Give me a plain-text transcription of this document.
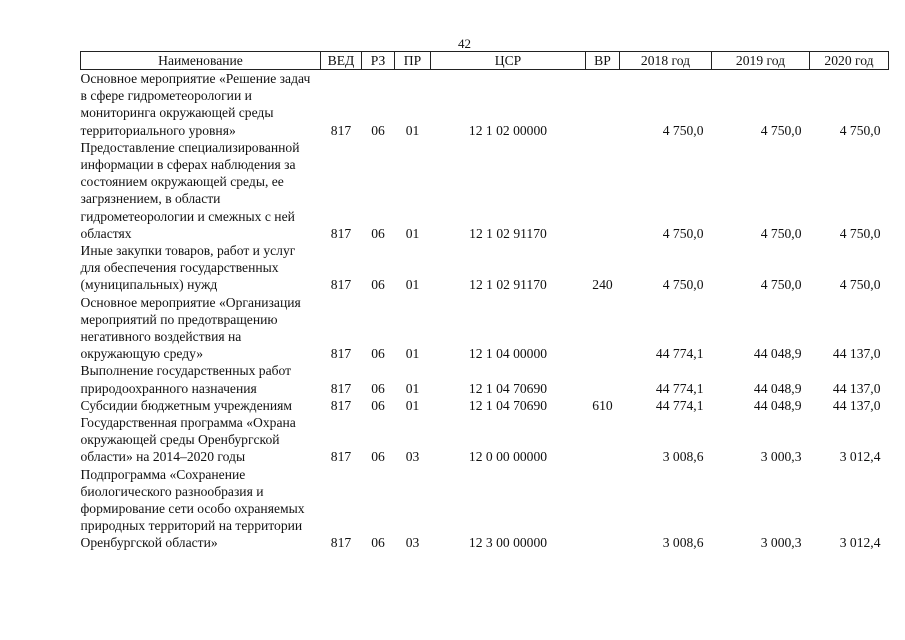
42
Наименование	ВЕД	РЗ	ПР	ЦСР	ВР	2018 год	2019 год	2020 год
Основное мероприятие «Решение задач в сфере гидрометеорологии и мониторинга окружающей среды территориального уровня»	817	06	01	12 1 02 00000		4 750,0	4 750,0	4 750,0
Предоставление специализированной информации в сферах наблюдения за состоянием окружающей среды, ее загрязнением, в области гидрометеорологии и смежных с ней областях	817	06	01	12 1 02 91170		4 750,0	4 750,0	4 750,0
Иные закупки товаров, работ и услуг для обеспечения государственных (муниципальных) нужд	817	06	01	12 1 02 91170	240	4 750,0	4 750,0	4 750,0
Основное мероприятие «Организация мероприятий по предотвращению негативного воздействия на окружающую среду»	817	06	01	12 1 04 00000		44 774,1	44 048,9	44 137,0
Выполнение государственных работ природоохранного назначения	817	06	01	12 1 04 70690		44 774,1	44 048,9	44 137,0
Субсидии бюджетным учреждениям	817	06	01	12 1 04 70690	610	44 774,1	44 048,9	44 137,0
Государственная программа «Охрана окружающей среды Оренбургской области» на 2014–2020 годы	817	06	03	12 0 00 00000		3 008,6	3 000,3	3 012,4
Подпрограмма «Сохранение биологического разнообразия и формирование сети особо охраняемых природных территорий на территории Оренбургской области»	817	06	03	12 3 00 00000		3 008,6	3 000,3	3 012,4
